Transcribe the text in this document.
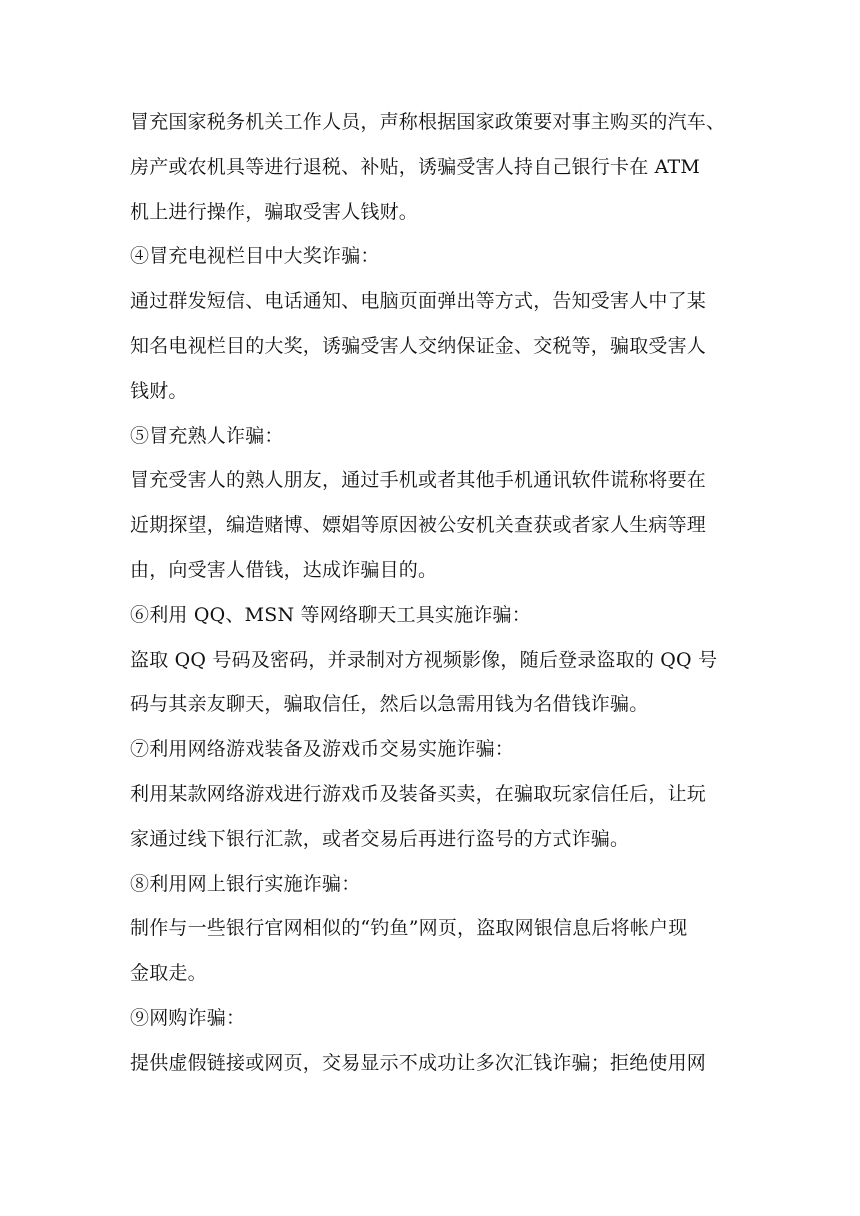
冒充国家税务机关工作人员，声称根据国家政策要对事主购买的汽车、
房产或农机具等进行退税、补贴，诱骗受害人持自己银行卡在 ATM
机上进行操作，骗取受害人钱财。
④冒充电视栏目中大奖诈骗：
通过群发短信、电话通知、电脑页面弹出等方式，告知受害人中了某
知名电视栏目的大奖，诱骗受害人交纳保证金、交税等，骗取受害人
钱财。
⑤冒充熟人诈骗：
冒充受害人的熟人朋友，通过手机或者其他手机通讯软件谎称将要在
近期探望，编造赌博、嫖娼等原因被公安机关查获或者家人生病等理
由，向受害人借钱，达成诈骗目的。
⑥利用 QQ、MSN 等网络聊天工具实施诈骗：
盗取 QQ 号码及密码，并录制对方视频影像，随后登录盗取的 QQ 号
码与其亲友聊天，骗取信任，然后以急需用钱为名借钱诈骗。
⑦利用网络游戏装备及游戏币交易实施诈骗：
利用某款网络游戏进行游戏币及装备买卖，在骗取玩家信任后，让玩
家通过线下银行汇款，或者交易后再进行盗号的方式诈骗。
⑧利用网上银行实施诈骗：
制作与一些银行官网相似的“钓鱼”网页，盗取网银信息后将帐户现
金取走。
⑨网购诈骗：
提供虚假链接或网页，交易显示不成功让多次汇钱诈骗；拒绝使用网
